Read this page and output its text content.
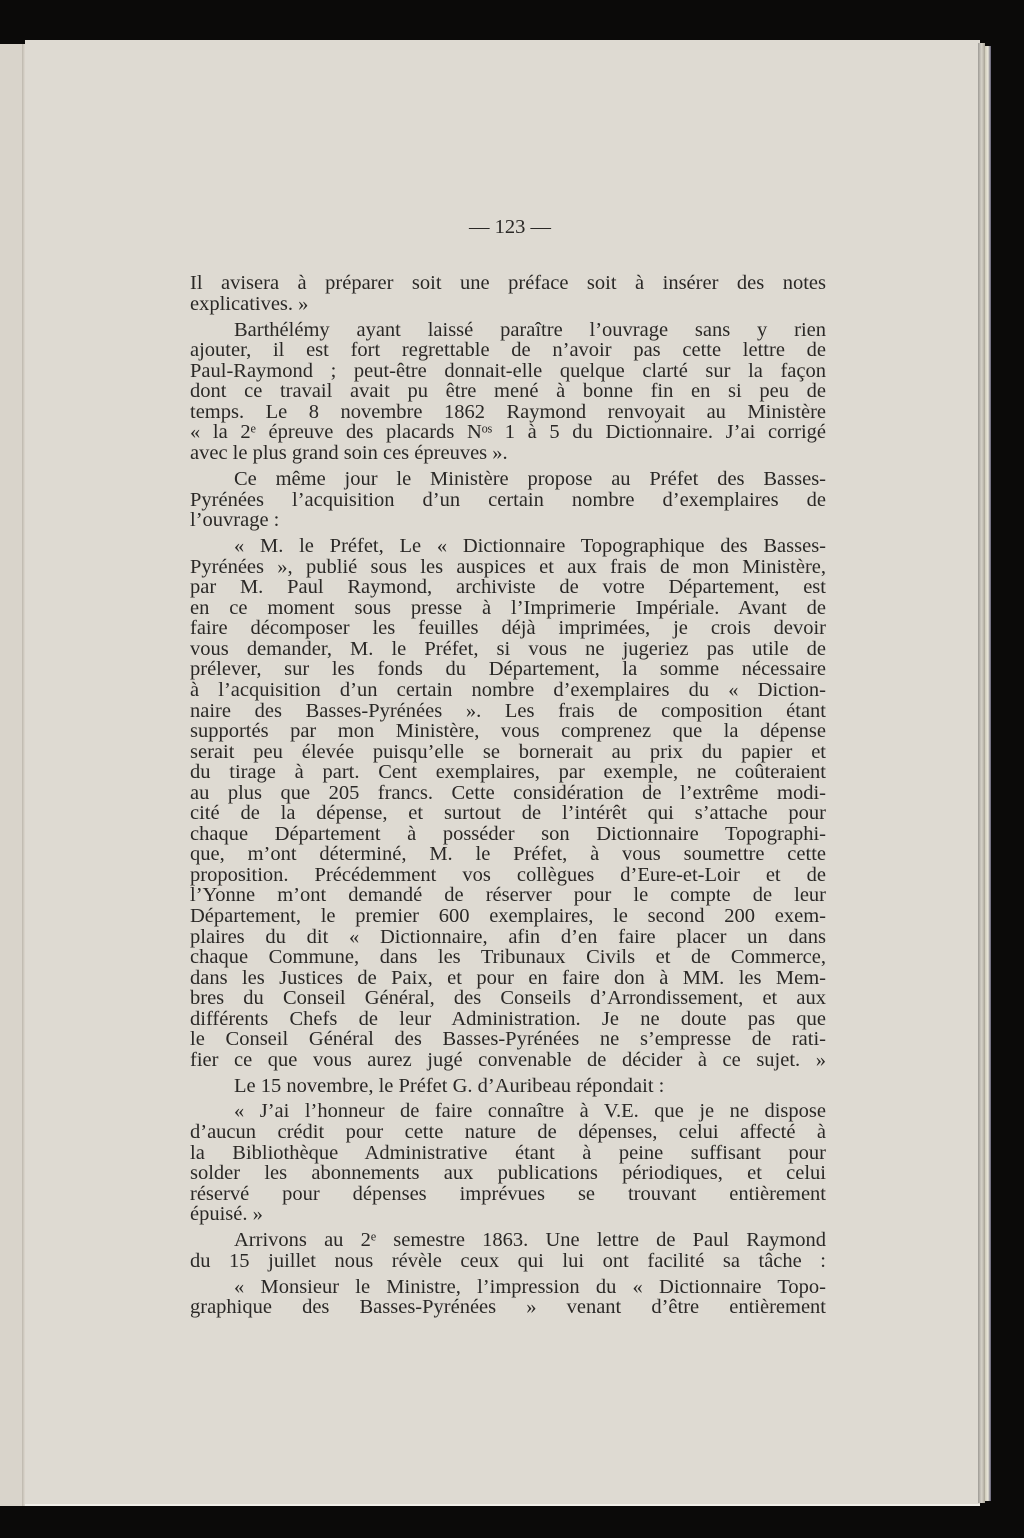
— 123 —
Il avisera à préparer soit une préface soit à insérer des notes
explicatives. »
Barthélémy ayant laissé paraître l’ouvrage sans y rien
ajouter, il est fort regrettable de n’avoir pas cette lettre de
Paul-Raymond ; peut-être donnait-elle quelque clarté sur la façon
dont ce travail avait pu être mené à bonne fin en si peu de
temps. Le 8 novembre 1862 Raymond renvoyait au Ministère
« la 2ᵉ épreuve des placards Nᵒˢ 1 à 5 du Dictionnaire. J’ai corrigé
avec le plus grand soin ces épreuves ».
Ce même jour le Ministère propose au Préfet des Basses-
Pyrénées l’acquisition d’un certain nombre d’exemplaires de
l’ouvrage :
« M. le Préfet, Le « Dictionnaire Topographique des Basses-
Pyrénées », publié sous les auspices et aux frais de mon Ministère,
par M. Paul Raymond, archiviste de votre Département, est
en ce moment sous presse à l’Imprimerie Impériale. Avant de
faire décomposer les feuilles déjà imprimées, je crois devoir
vous demander, M. le Préfet, si vous ne jugeriez pas utile de
prélever, sur les fonds du Département, la somme nécessaire
à l’acquisition d’un certain nombre d’exemplaires du « Diction-
naire des Basses-Pyrénées ». Les frais de composition étant
supportés par mon Ministère, vous comprenez que la dépense
serait peu élevée puisqu’elle se bornerait au prix du papier et
du tirage à part. Cent exemplaires, par exemple, ne coûteraient
au plus que 205 francs. Cette considération de l’extrême modi-
cité de la dépense, et surtout de l’intérêt qui s’attache pour
chaque Département à posséder son Dictionnaire Topographi-
que, m’ont déterminé, M. le Préfet, à vous soumettre cette
proposition. Précédemment vos collègues d’Eure-et-Loir et de
l’Yonne m’ont demandé de réserver pour le compte de leur
Département, le premier 600 exemplaires, le second 200 exem-
plaires du dit « Dictionnaire, afin d’en faire placer un dans
chaque Commune, dans les Tribunaux Civils et de Commerce,
dans les Justices de Paix, et pour en faire don à MM. les Mem-
bres du Conseil Général, des Conseils d’Arrondissement, et aux
différents Chefs de leur Administration. Je ne doute pas que
le Conseil Général des Basses-Pyrénées ne s’empresse de rati-
fier ce que vous aurez jugé convenable de décider à ce sujet. »
Le 15 novembre, le Préfet G. d’Auribeau répondait :
« J’ai l’honneur de faire connaître à V.E. que je ne dispose
d’aucun crédit pour cette nature de dépenses, celui affecté à
la Bibliothèque Administrative étant à peine suffisant pour
solder les abonnements aux publications périodiques, et celui
réservé pour dépenses imprévues se trouvant entièrement
épuisé. »
Arrivons au 2ᵉ semestre 1863. Une lettre de Paul Raymond
du 15 juillet nous révèle ceux qui lui ont facilité sa tâche :
« Monsieur le Ministre, l’impression du « Dictionnaire Topo-
graphique des Basses-Pyrénées » venant d’être entièrement
